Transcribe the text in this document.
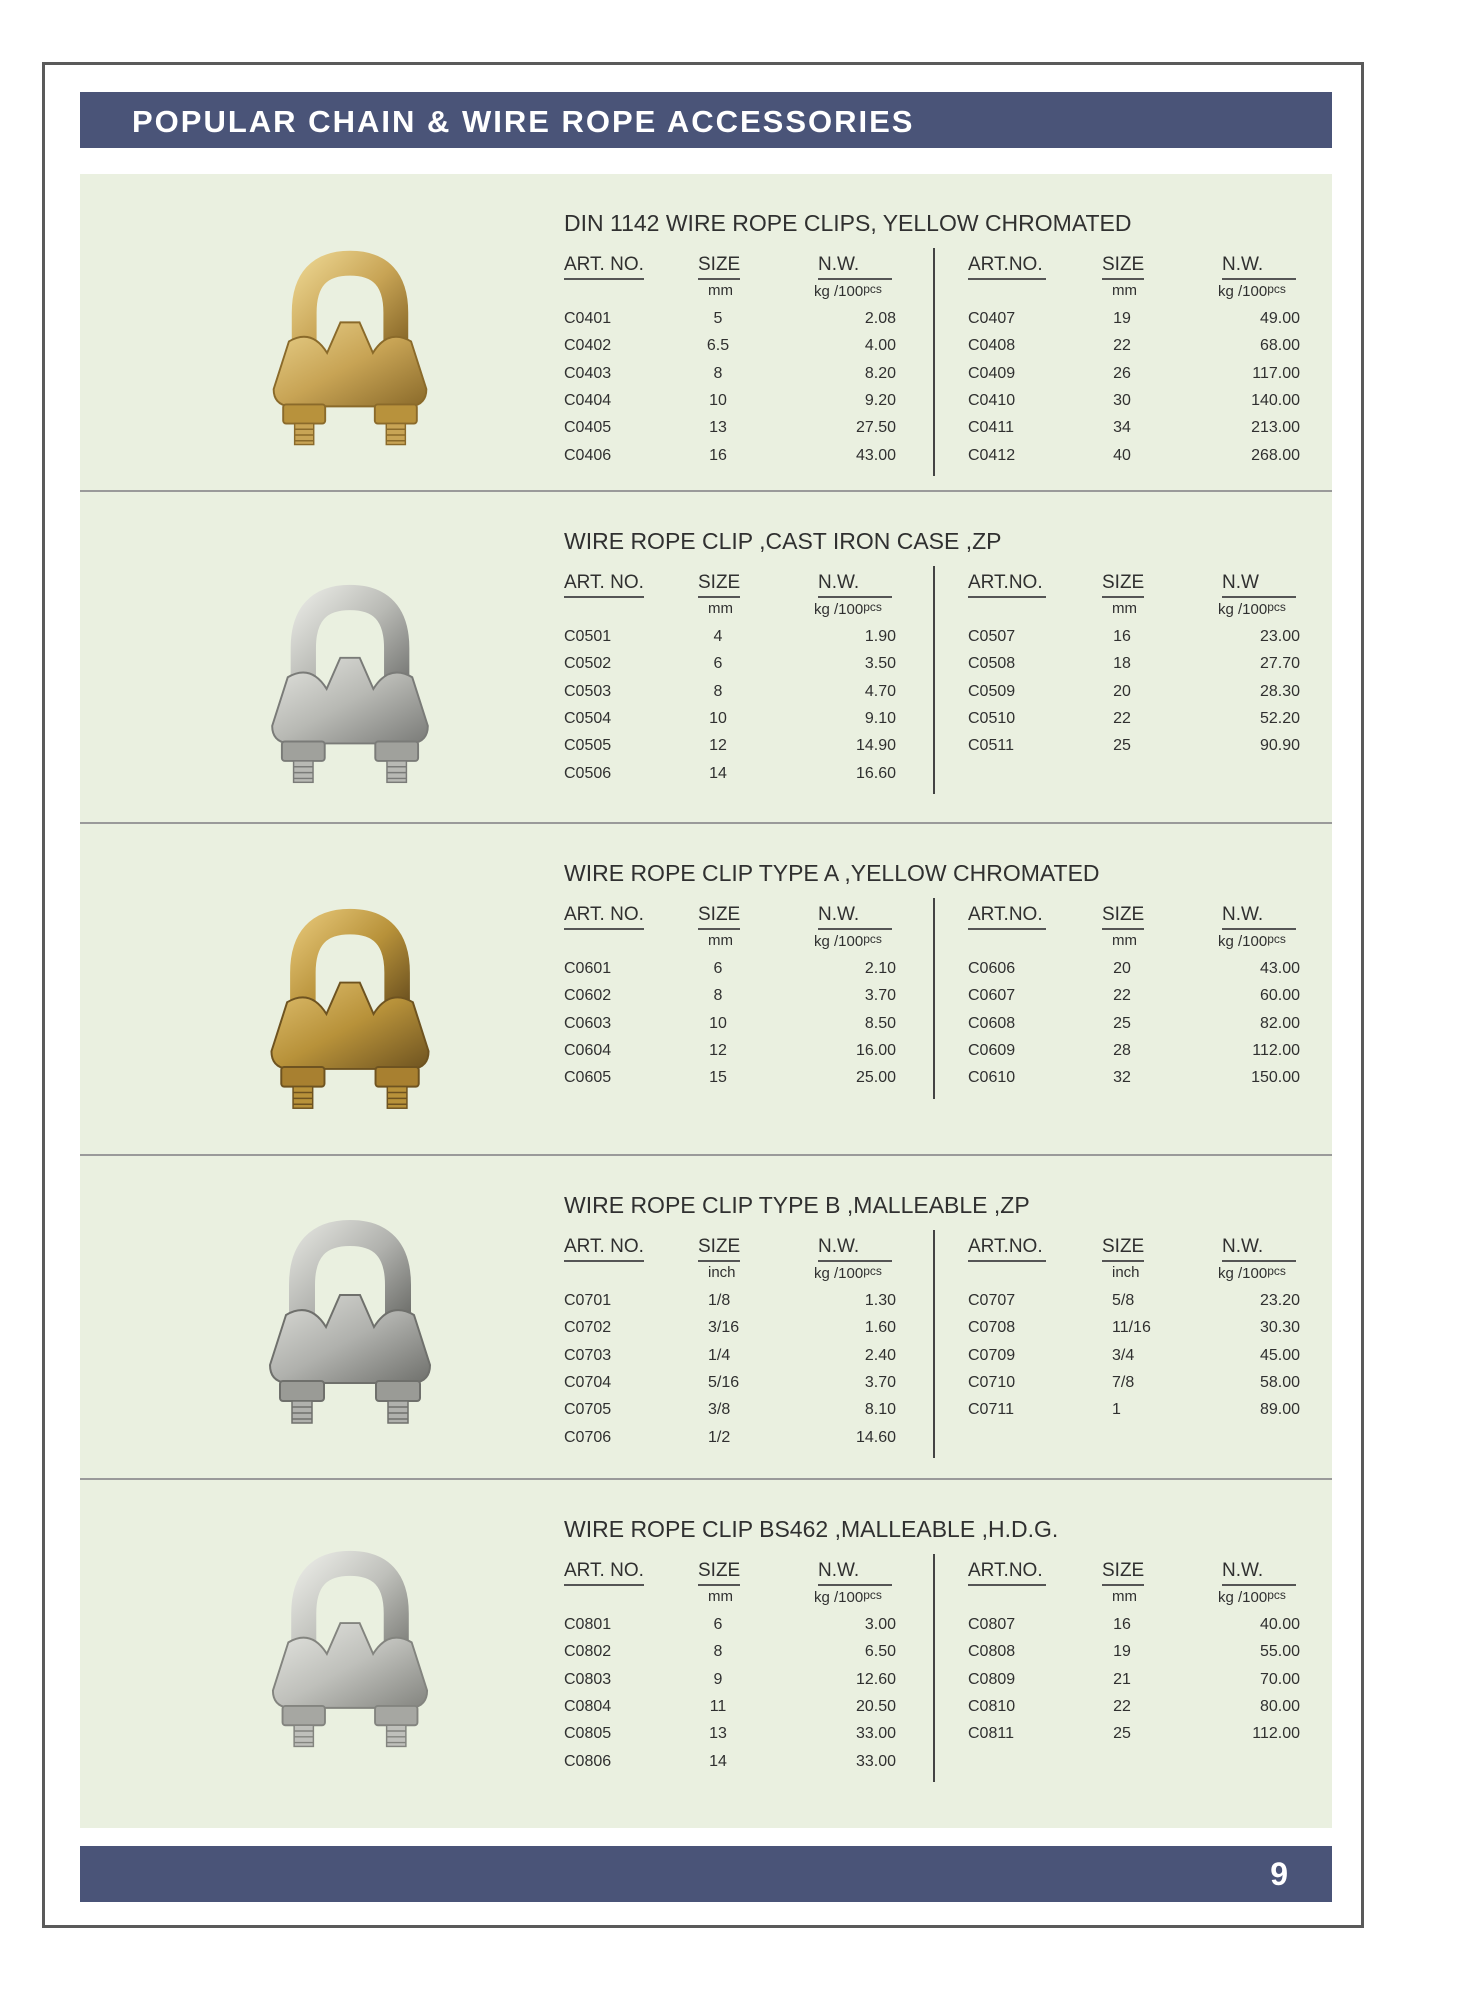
POPULAR CHAIN & WIRE ROPE ACCESSORIES
DIN 1142 WIRE ROPE CLIPS, YELLOW CHROMATED
ART. NO.	SIZE	N.W.
mm	kg $/100^{pcs}$
C0401	5	2.08
C0402	6.5	4.00
C0403	8	8.20
C0404	10	9.20
C0405	13	27.50
C0406	16	43.00
ART.NO.	SIZE	N.W.
mm	kg $/100^{pcs}$
C0407	19	49.00
C0408	22	68.00
C0409	26	117.00
C0410	30	140.00
C0411	34	213.00
C0412	40	268.00
WIRE ROPE CLIP ,CAST IRON CASE ,ZP
ART. NO.	SIZE	N.W.
mm	kg $/100^{pcs}$
C0501	4	1.90
C0502	6	3.50
C0503	8	4.70
C0504	10	9.10
C0505	12	14.90
C0506	14	16.60
ART.NO.	SIZE	N.W
mm	kg $/100^{pcs}$
C0507	16	23.00
C0508	18	27.70
C0509	20	28.30
C0510	22	52.20
C0511	25	90.90
WIRE ROPE CLIP TYPE A ,YELLOW CHROMATED
ART. NO.	SIZE	N.W.
mm	kg $/100^{pcs}$
C0601	6	2.10
C0602	8	3.70
C0603	10	8.50
C0604	12	16.00
C0605	15	25.00
ART.NO.	SIZE	N.W.
mm	kg $/100^{pcs}$
C0606	20	43.00
C0607	22	60.00
C0608	25	82.00
C0609	28	112.00
C0610	32	150.00
WIRE ROPE CLIP TYPE B ,MALLEABLE ,ZP
ART. NO.	SIZE	N.W.
inch	kg $/100^{pcs}$
C0701	1/8	1.30
C0702	3/16	1.60
C0703	1/4	2.40
C0704	5/16	3.70
C0705	3/8	8.10
C0706	1/2	14.60
ART.NO.	SIZE	N.W.
inch	kg $/100^{pcs}$
C0707	5/8	23.20
C0708	11/16	30.30
C0709	3/4	45.00
C0710	7/8	58.00
C0711	1	89.00
WIRE ROPE CLIP BS462 ,MALLEABLE ,H.D.G.
ART. NO.	SIZE	N.W.
mm	kg $/100^{pcs}$
C0801	6	3.00
C0802	8	6.50
C0803	9	12.60
C0804	11	20.50
C0805	13	33.00
C0806	14	33.00
ART.NO.	SIZE	N.W.
mm	kg $/100^{pcs}$
C0807	16	40.00
C0808	19	55.00
C0809	21	70.00
C0810	22	80.00
C0811	25	112.00
9
